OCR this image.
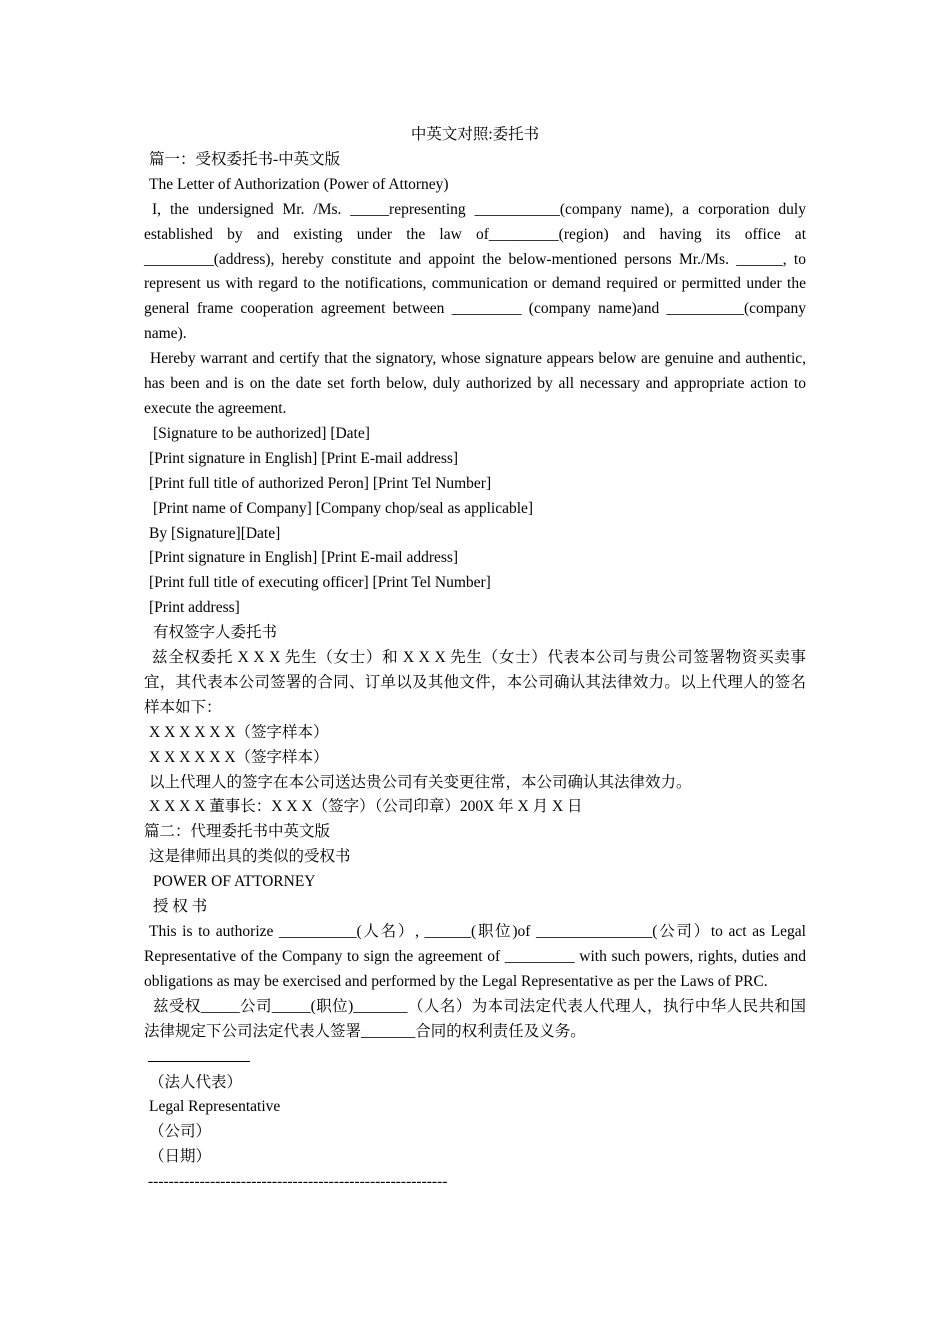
中英文对照:委托书

篇一：受权委托书-中英文版

The Letter of Authorization (Power of Attorney)

I, the undersigned Mr. /Ms. _____representing ___________(company name), a corporation duly established by and existing under the law of_________(region) and having its office at _________(address), hereby constitute and appoint the below-mentioned persons Mr./Ms. ______, to represent us with regard to the notifications, communication or demand required or permitted under the general frame cooperation agreement between _________ (company name)and __________(company name).

Hereby warrant and certify that the signatory, whose signature appears below are genuine and authentic, has been and is on the date set forth below, duly authorized by all necessary and appropriate action to execute the agreement.

[Signature to be authorized] [Date]

[Print signature in English] [Print E-mail address]

[Print full title of authorized Peron] [Print Tel Number]

[Print name of Company] [Company chop/seal as applicable]

By [Signature][Date]

[Print signature in English] [Print E-mail address]

[Print full title of executing officer] [Print Tel Number]

[Print address]

有权签字人委托书

兹全权委托 X X X 先生（女士）和 X X X 先生（女士）代表本公司与贵公司签署物资买卖事宜，其代表本公司签署的合同、订单以及其他文件，本公司确认其法律效力。以上代理人的签名样本如下：

X X X X X X（签字样本）

X X X X X X（签字样本）

以上代理人的签字在本公司送达贵公司有关变更往常，本公司确认其法律效力。

X X X X 董事长：X X X（签字）（公司印章）200X 年 X 月 X 日

篇二：代理委托书中英文版

这是律师出具的类似的受权书

POWER OF ATTORNEY

授 权 书

This is to authorize __________(人名）, ______(职位)of _______________(公司）to act as Legal Representative of the Company to sign the agreement of _________ with such powers, rights, duties and obligations as may be exercised and performed by the Legal Representative as per the Laws of PRC.

兹受权_____公司_____(职位)_______（人名）为本司法定代表人代理人，执行中华人民共和国法律规定下公司法定代表人签署_______合同的权利责任及义务。

（法人代表）

Legal Representative

（公司）

（日期）

----------------------------------------------------------
